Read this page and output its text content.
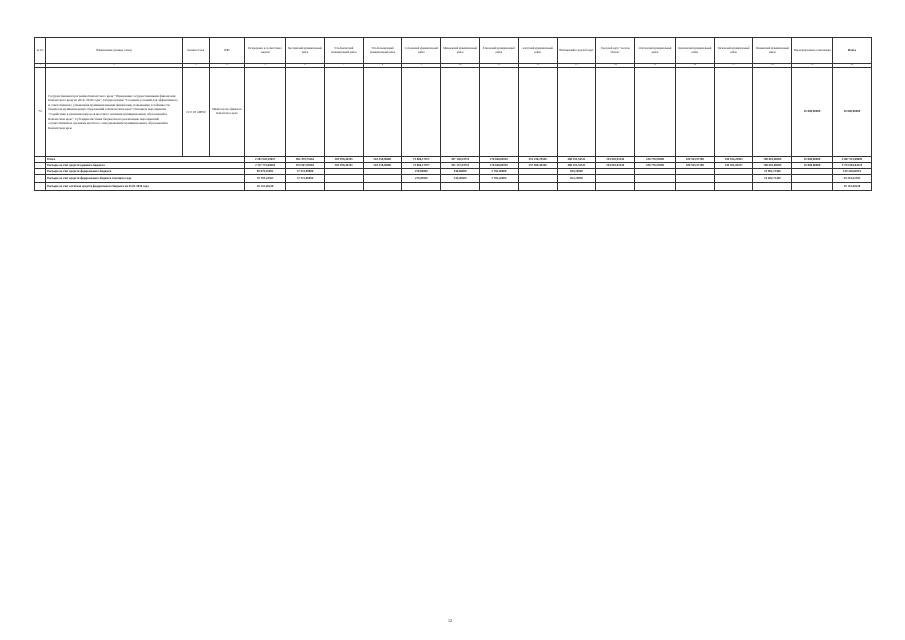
№ п/п	Наименование (целевые статьи)	Целевая статья	ГРБС	Распределено в соответствии с законом	Быстринский муниципальный район	Усть-Камчатский муниципальный район	Усть-Большерецкий муниципальный район	Соболевский муниципальный район	Мильковский муниципальный район	Елизовский муниципальный район	Алеутский муниципальный район	Вилючинский городской округ	Городской округ "поселок Палана"	Олюторский муниципальный район	Карагинский муниципальный район	Тигильский муниципальный район	Пенжинский муниципальный район	Нераспределенные ассигнования	Итого
1	2	3	4	5	6	7	8	9	10	11	12	13	14	15	16	17	18	19	20
72	Государственная программа Камчатского края "Управление государственными финансами Камчатского края на 2014–2018 годы", Подпрограмма "Создание условий для эффективного и ответственного управления муниципальными финансами, повышения устойчивости бюджетов муниципальных образований в Камчатском крае" Основное мероприятие "Содействие в решении вопросов местного значения муниципальных образований в Камчатском крае". Субсидии местным бюджетам на реализацию мероприятий, осуществляемых органами местного самоуправления муниципальных образований в Камчатском крае	19 3 03 40850	Министерство финансов Камчатского края															10 000,00000	10 000,00000
	Итого			2 281 920,29657	892 479,73363	303 878,44181	218 518,96081	73 866,17677	397 138,54751	176 648,06555	351 236,78346	488 191,54511	194 981,91444	238 776,59589	189 535,57189	150 354,24992	708 601,08285	10 000,00000	5 867 513,08609
	Расходы за счет средств краевого бюджета			2 117 773,68564	874 947,99363	303 878,44181	218 518,96081	73 866,17677	391 137,94751	176 648,06555	357 580,38346	488 191,54511	194 981,91444	238 776,59589	189 535,57189	130 391,04237	708 601,08285	10 000,00000	5 754 994,84218
	Расходы за счет средств федерального бюджета			85 979,16091	17 531,89800			470,00000	540,00000	5 782,40000		654,10000					19 962,71460		120 418,60391
	Расходы за счет средств федерального бюджета текущего года			55 795,42363	17 531,89800			470,00000	540,00000	5 782,40000		654,10000					19 962,71460		95 254,91363
	Расходы за счет остатков средств федерального бюджета на 01.01.2016 года			29 161,69428															29 161,69428
12
